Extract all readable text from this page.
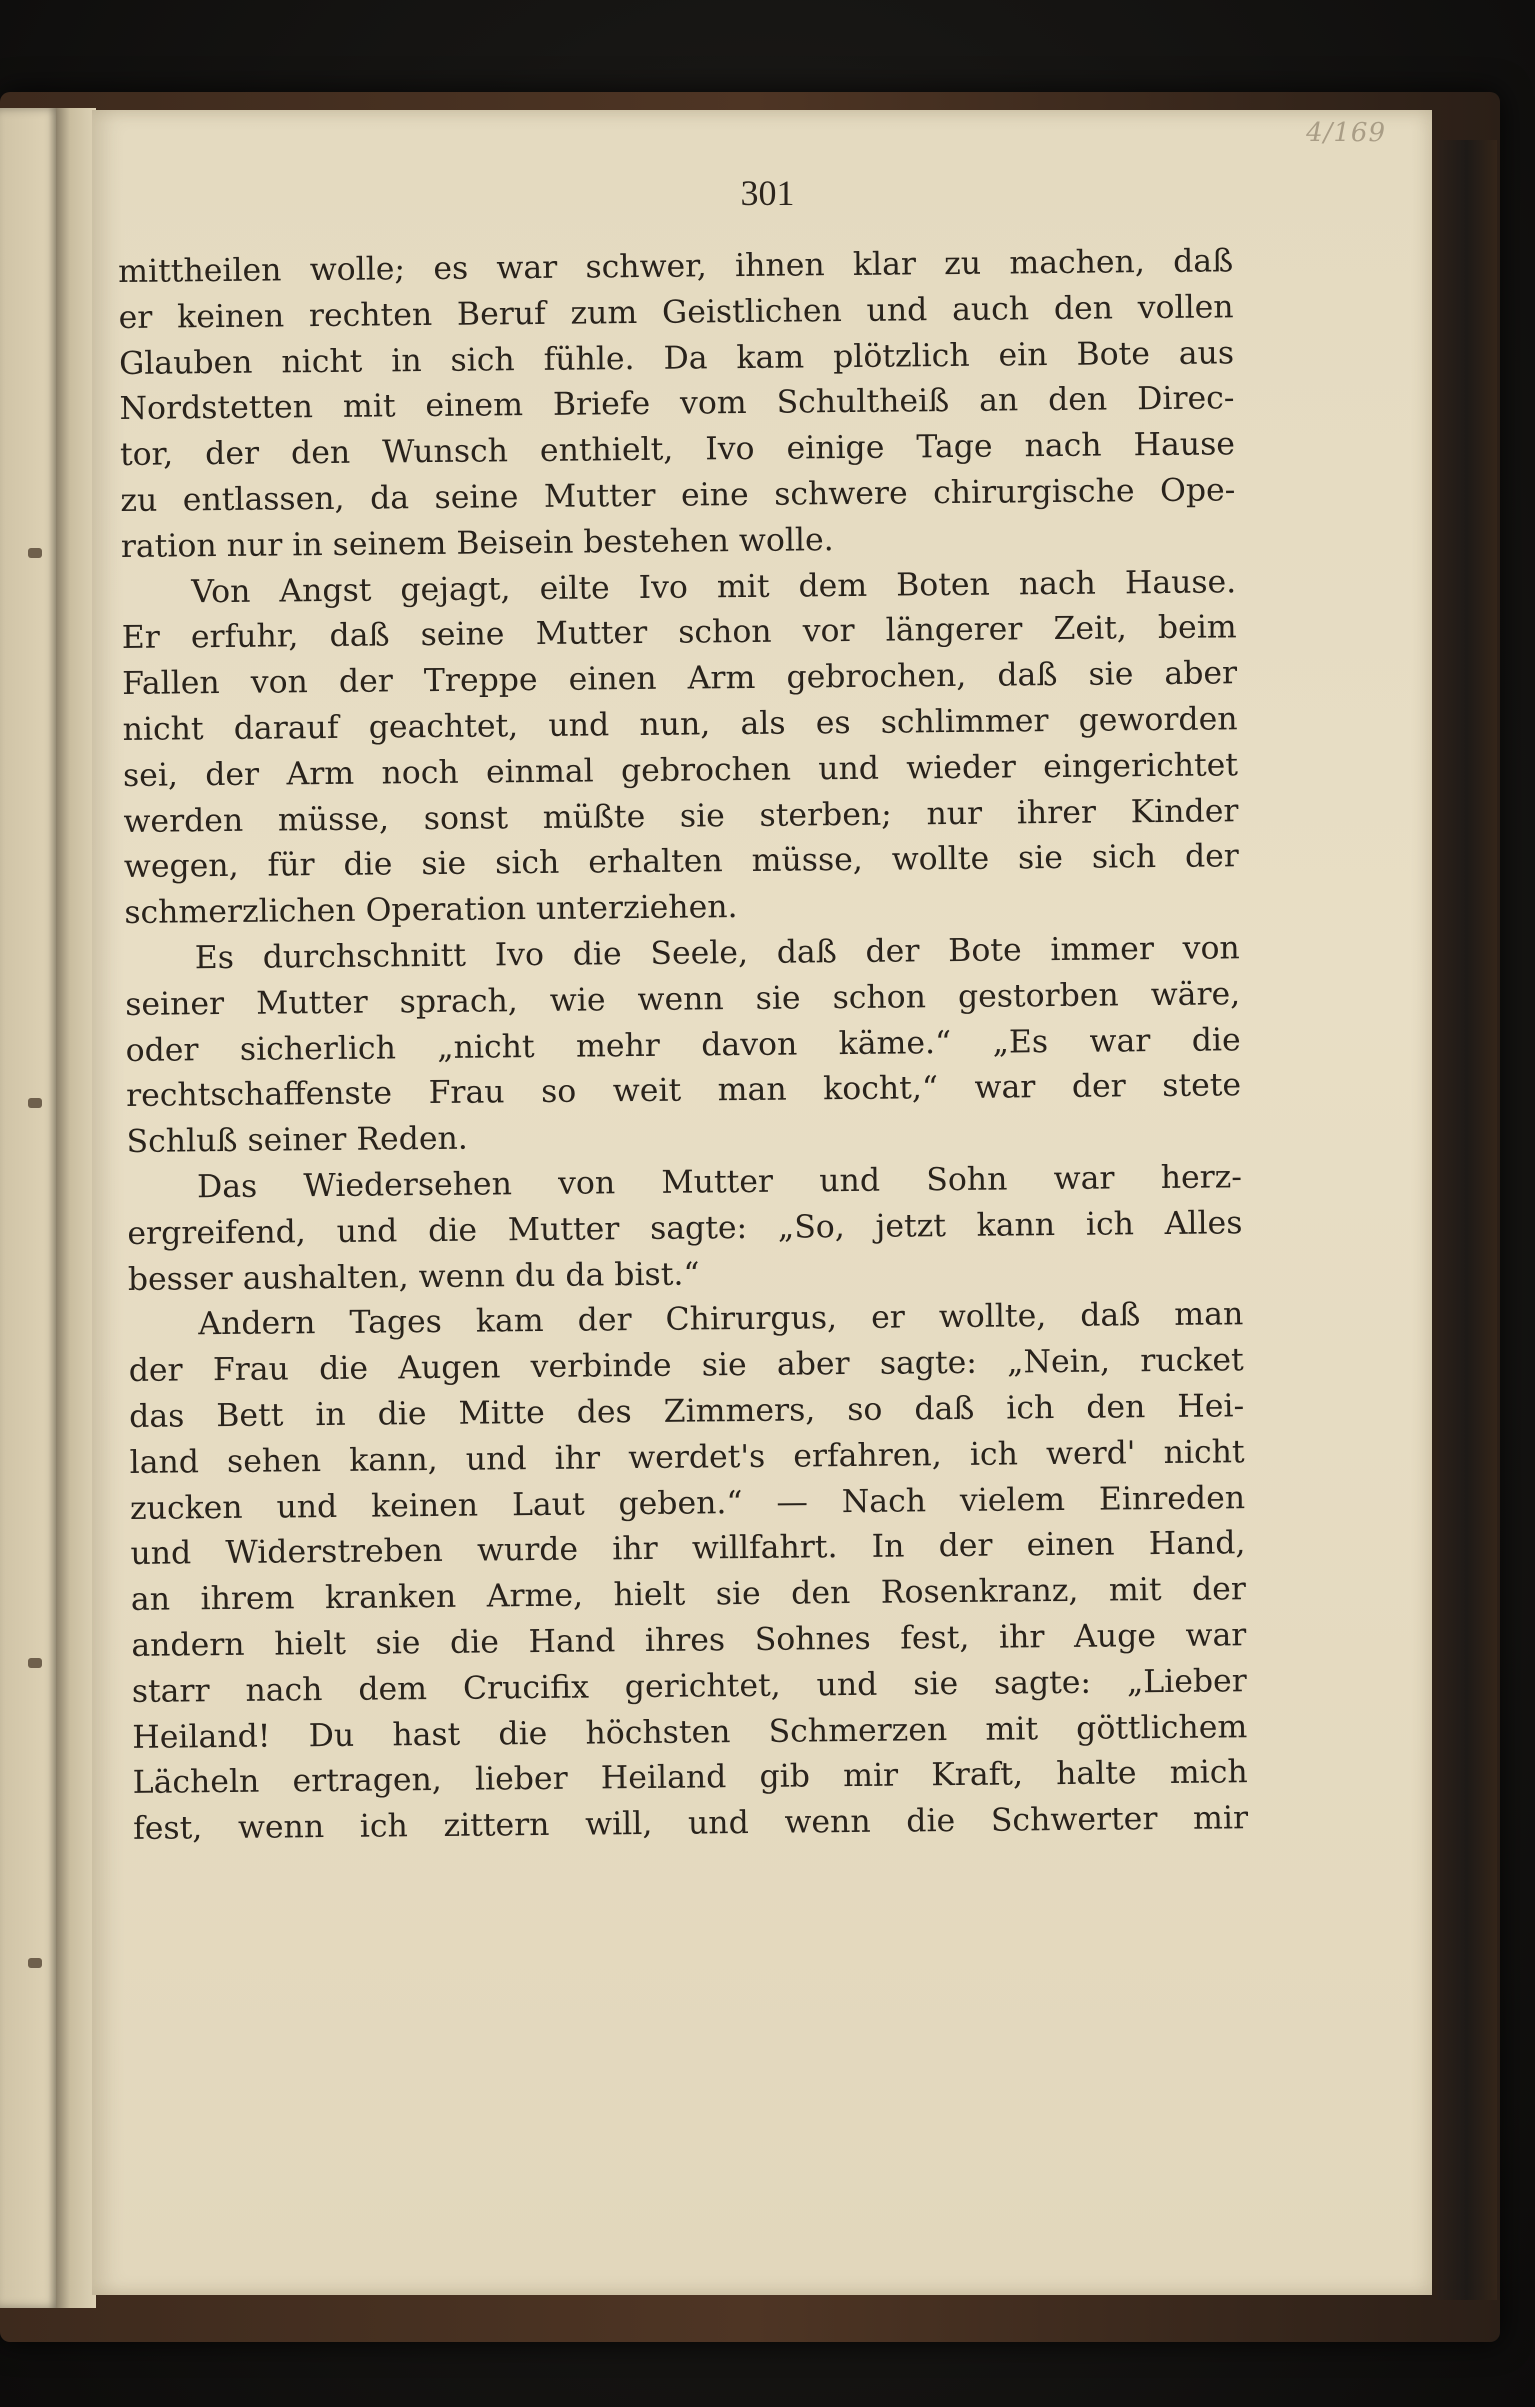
4/169
301
mittheilen wolle; es war schwer, ihnen klar zu machen, daß
er keinen rechten Beruf zum Geistlichen und auch den vollen
Glauben nicht in sich fühle. Da kam plötzlich ein Bote aus
Nordstetten mit einem Briefe vom Schultheiß an den Direc-
tor, der den Wunsch enthielt, Ivo einige Tage nach Hause
zu entlassen, da seine Mutter eine schwere chirurgische Ope-
ration nur in seinem Beisein bestehen wolle.
Von Angst gejagt, eilte Ivo mit dem Boten nach Hause.
Er erfuhr, daß seine Mutter schon vor längerer Zeit, beim
Fallen von der Treppe einen Arm gebrochen, daß sie aber
nicht darauf geachtet, und nun, als es schlimmer geworden
sei, der Arm noch einmal gebrochen und wieder eingerichtet
werden müsse, sonst müßte sie sterben; nur ihrer Kinder
wegen, für die sie sich erhalten müsse, wollte sie sich der
schmerzlichen Operation unterziehen.
Es durchschnitt Ivo die Seele, daß der Bote immer von
seiner Mutter sprach, wie wenn sie schon gestorben wäre,
oder sicherlich „nicht mehr davon käme.“ „Es war die
rechtschaffenste Frau so weit man kocht,“ war der stete
Schluß seiner Reden.
Das Wiedersehen von Mutter und Sohn war herz-
ergreifend, und die Mutter sagte: „So, jetzt kann ich Alles
besser aushalten, wenn du da bist.“
Andern Tages kam der Chirurgus, er wollte, daß man
der Frau die Augen verbinde sie aber sagte: „Nein, rucket
das Bett in die Mitte des Zimmers, so daß ich den Hei-
land sehen kann, und ihr werdet's erfahren, ich werd' nicht
zucken und keinen Laut geben.“ — Nach vielem Einreden
und Widerstreben wurde ihr willfahrt. In der einen Hand,
an ihrem kranken Arme, hielt sie den Rosenkranz, mit der
andern hielt sie die Hand ihres Sohnes fest, ihr Auge war
starr nach dem Crucifix gerichtet, und sie sagte: „Lieber
Heiland! Du hast die höchsten Schmerzen mit göttlichem
Lächeln ertragen, lieber Heiland gib mir Kraft, halte mich
fest, wenn ich zittern will, und wenn die Schwerter mir
